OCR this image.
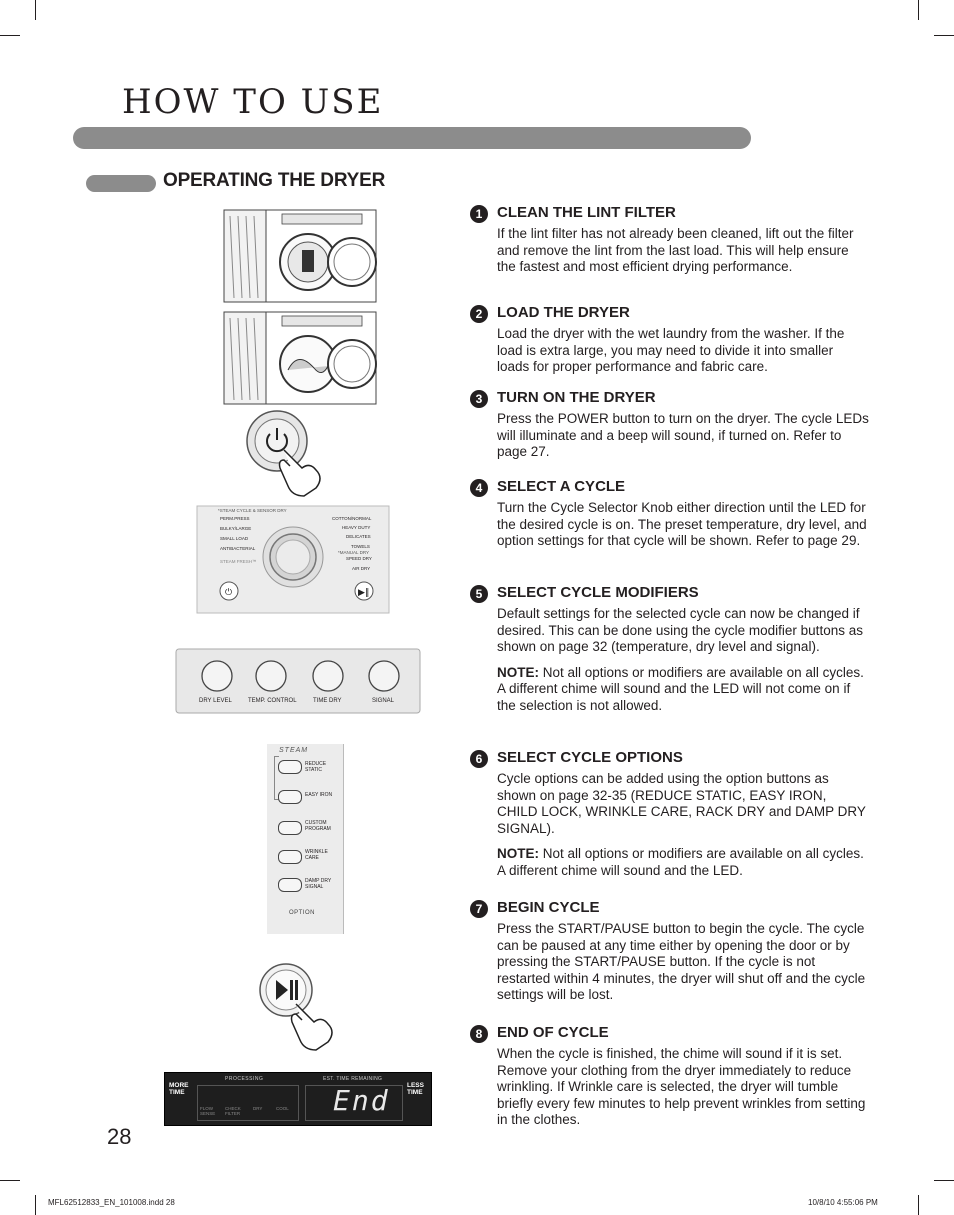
HOW TO USE
OPERATING THE DRYER
1 CLEAN THE LINT FILTER
If the lint filter has not already been cleaned, lift out the filter and remove the lint from the last load. This will help ensure the fastest and most efficient drying performance.
2 LOAD THE DRYER
Load the dryer with the wet laundry from the washer. If the load is extra large, you may need to divide it into smaller loads for proper performance and fabric care.
3 TURN ON THE DRYER
Press the POWER button to turn on the dryer. The cycle LEDs will illuminate and a beep will sound, if turned on. Refer to page 27.
4 SELECT A CYCLE
Turn the Cycle Selector Knob either direction until the LED for the desired cycle is on. The preset temperature, dry level, and option settings for that cycle will be shown. Refer to page 29.
5 SELECT CYCLE MODIFIERS
Default settings for the selected cycle can now be changed if desired. This can be done using the cycle modifier buttons as shown on page 32 (temperature, dry level and signal).
NOTE: Not all options or modifiers are available on all cycles. A different chime will sound and the LED will not come on if the selection is not allowed.
6 SELECT CYCLE OPTIONS
Cycle options can be added using the option buttons as shown on page 32-35 (REDUCE STATIC, EASY IRON, CHILD LOCK, WRINKLE CARE, RACK DRY and DAMP DRY SIGNAL).
NOTE: Not all options or modifiers are available on all cycles. A different chime will sound and the LED.
7 BEGIN CYCLE
Press the START/PAUSE button to begin the cycle. The cycle can be paused at any time either by opening the door or by pressing the START/PAUSE button. If the cycle is not restarted within 4 minutes, the dryer will shut off and the cycle settings will be lost.
8 END OF CYCLE
When the cycle is finished, the chime will sound if it is set. Remove your clothing from the dryer immediately to reduce wrinkling. If Wrinkle care is selected, the dryer will tumble briefly every few minutes to help prevent wrinkles from setting in the clothes.
⏻	▶‖
*STEAM CYCLE & SENSOR DRY
PERM.PRESS
BULKY/LARGE
SMALL LOAD
ANTIBACTERIAL
STEAM FRESH™
COTTON/NORMAL
HEAVY DUTY
DELICATES
TOWELS
*MANUAL DRY
SPEED DRY
AIR DRY
DRY LEVEL	TEMP. CONTROL	TIME DRY	SIGNAL
STEAM
REDUCE STATIC
EASY IRON
CUSTOM PROGRAM
WRINKLE CARE
DAMP DRY SIGNAL
OPTION
MORE TIME
LESS TIME
PROCESSING	EST. TIME REMAINING
FLOW SENSE
CHECK FILTER
DRY	COOL End
28
MFL62512833_EN_101008.indd 28	10/8/10 4:55:06 PM
